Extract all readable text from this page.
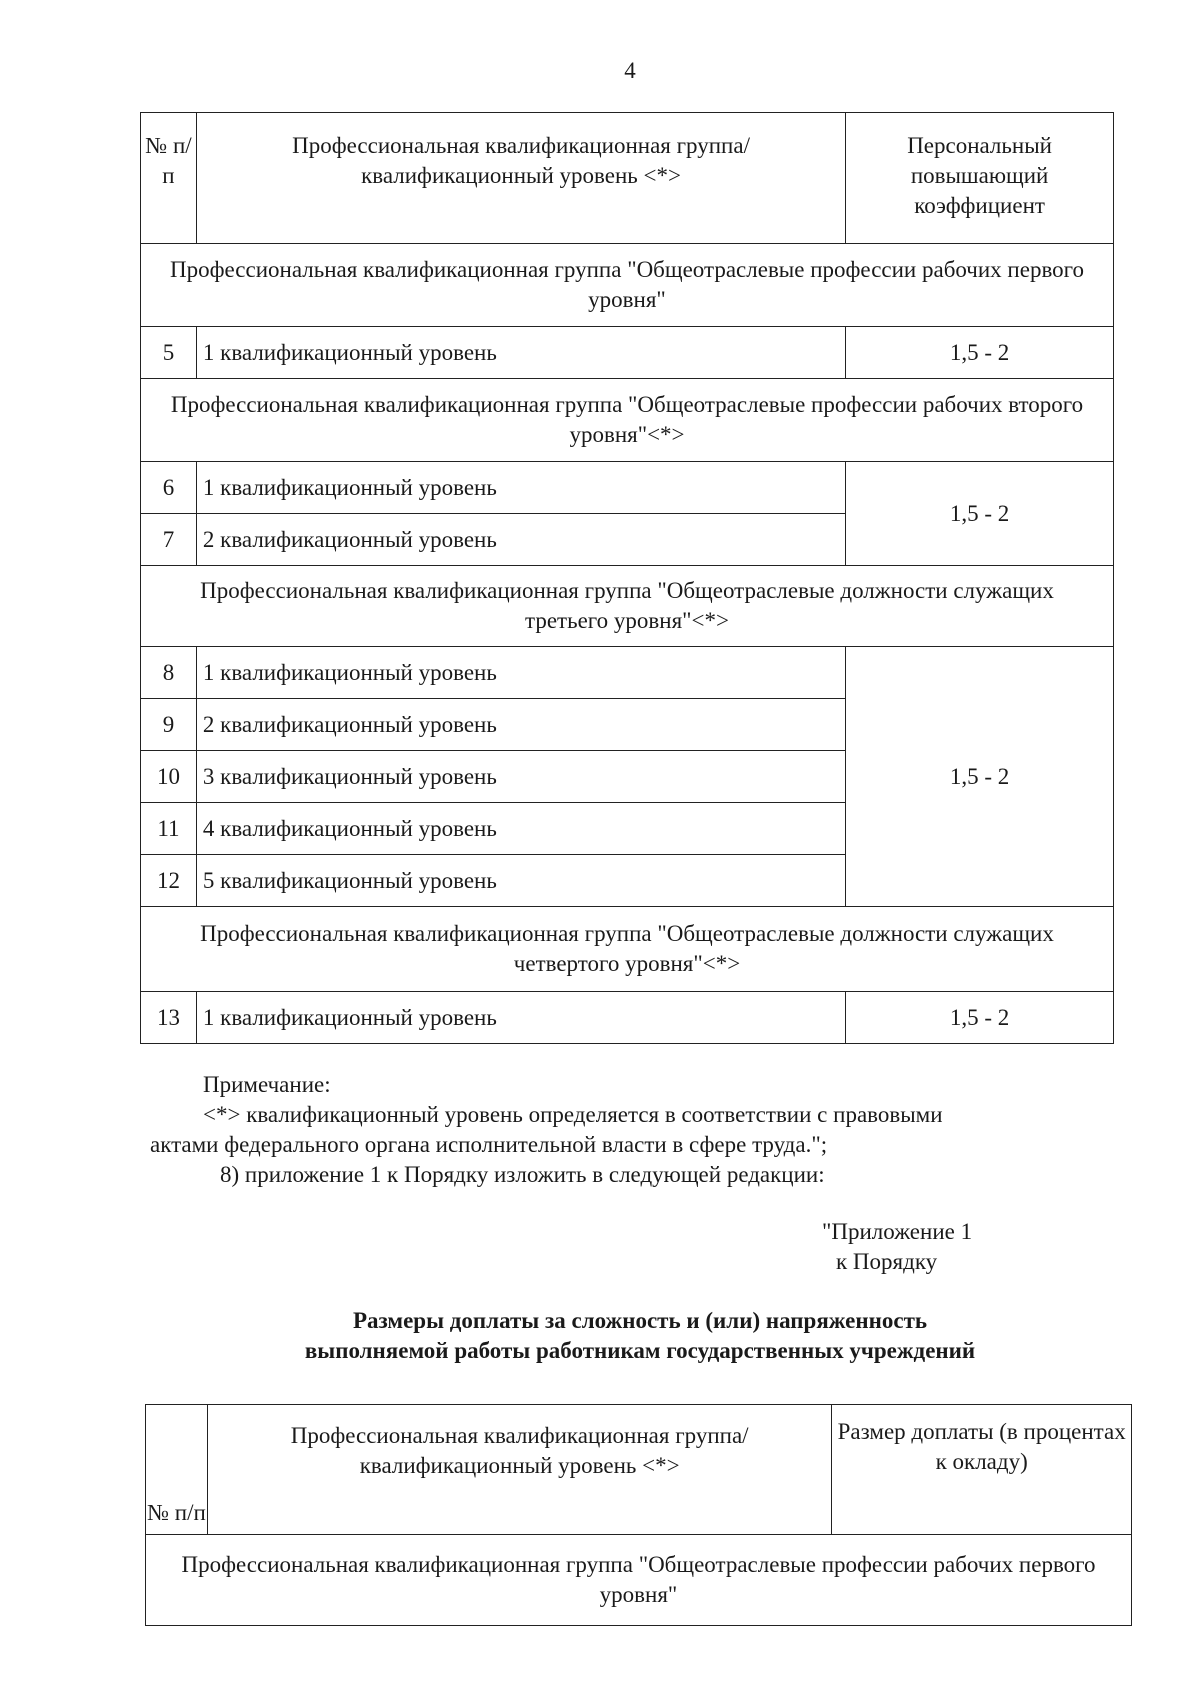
4
№ п/п	Профессиональная квалификационная группа/квалификационный уровень <*>	Персональный повышающий коэффициент
Профессиональная квалификационная группа "Общеотраслевые профессии рабочих первого уровня"		
5	1 квалификационный уровень	1,5 - 2
Профессиональная квалификационная группа "Общеотраслевые профессии рабочих второго уровня"<*>		
6	1 квалификационный уровень	1,5 - 2
7	2 квалификационный уровень	
Профессиональная квалификационная группа "Общеотраслевые должности служащих третьего уровня"<*>		
8	1 квалификационный уровень	1,5 - 2
9	2 квалификационный уровень	
10	3 квалификационный уровень	
11	4 квалификационный уровень	
12	5 квалификационный уровень	
Профессиональная квалификационная группа "Общеотраслевые должности служащих четвертого уровня"<*>		
13	1 квалификационный уровень	1,5 - 2
Примечание:
<*> квалификационный уровень определяется в соответствии с правовыми
актами федерального органа исполнительной власти в сфере труда.";
8) приложение 1 к Порядку изложить в следующей редакции:
"Приложение 1
к Порядку
Размеры доплаты за сложность и (или) напряженность
выполняемой работы работникам государственных учреждений
№ п/п	Профессиональная квалификационная группа/квалификационный уровень <*>	Размер доплаты (в процентах к окладу)
Профессиональная квалификационная группа "Общеотраслевые профессии рабочих первого уровня"
